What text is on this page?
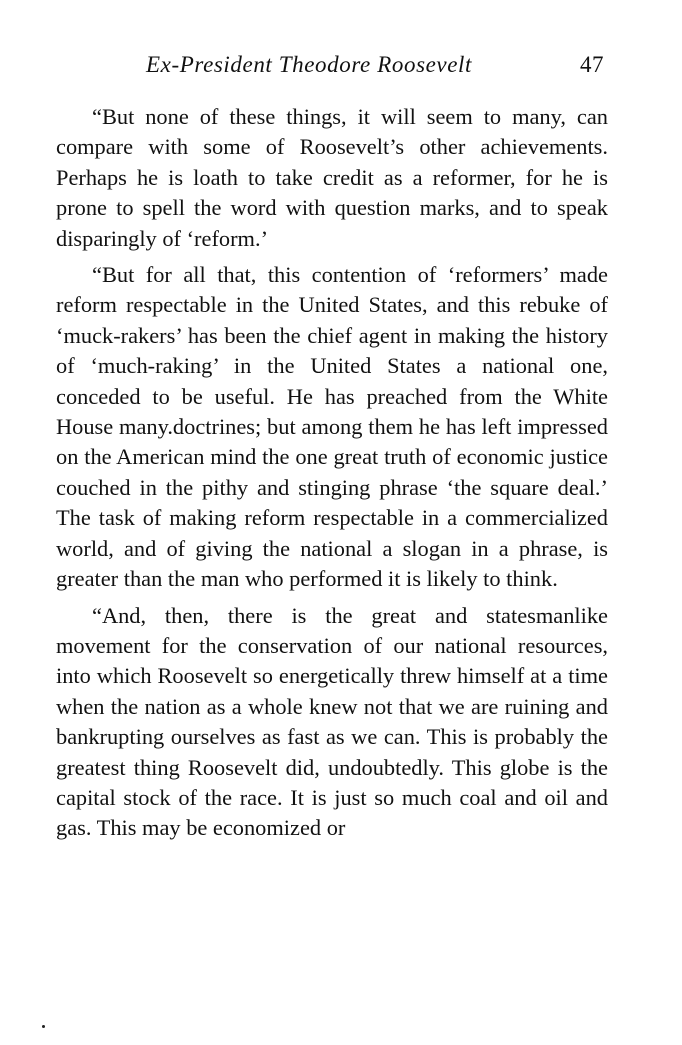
Ex-President Theodore Roosevelt	47

“But none of these things, it will seem to many, can compare with some of Roosevelt’s other achievements. Perhaps he is loath to take credit as a reformer, for he is prone to spell the word with question marks, and to speak disparingly of ‘reform.’

“But for all that, this contention of ‘reformers’ made reform respectable in the United States, and this rebuke of ‘muck-rakers’ has been the chief agent in making the history of ‘much-raking’ in the United States a national one, conceded to be useful. He has preached from the White House many.doctrines; but among them he has left impressed on the American mind the one great truth of economic justice couched in the pithy and stinging phrase ‘the square deal.’ The task of making reform respectable in a commercialized world, and of giving the national a slogan in a phrase, is greater than the man who performed it is likely to think.

“And, then, there is the great and statesmanlike movement for the conservation of our national resources, into which Roosevelt so energetically threw himself at a time when the nation as a whole knew not that we are ruining and bankrupting ourselves as fast as we can. This is probably the greatest thing Roosevelt did, undoubtedly. This globe is the capital stock of the race. It is just so much coal and oil and gas. This may be economized or
